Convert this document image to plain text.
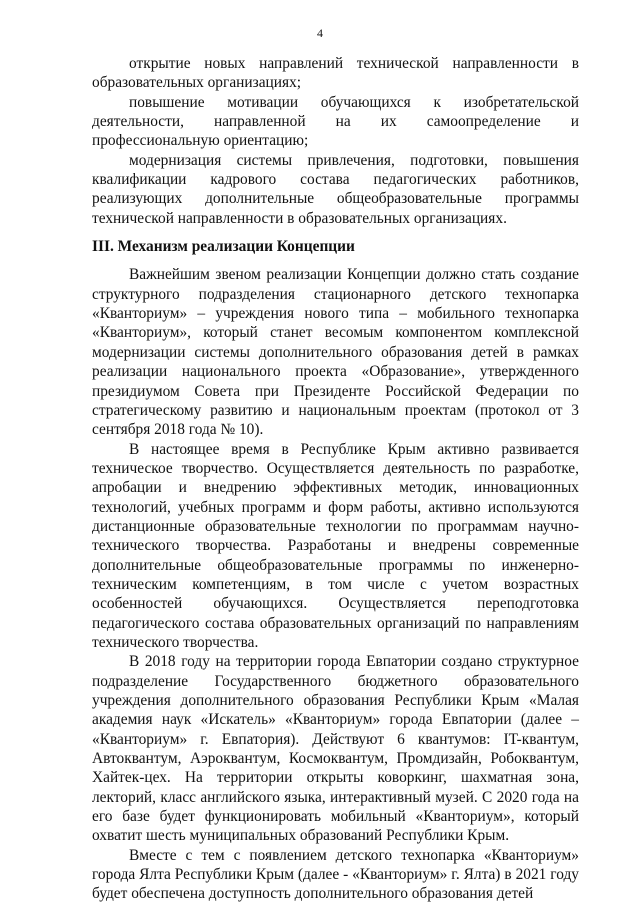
4

открытие новых направлений технической направленности в образовательных организациях;

повышение мотивации обучающихся к изобретательской деятельности, направленной на их самоопределение и профессиональную ориентацию;

модернизация системы привлечения, подготовки, повышения квалификации кадрового состава педагогических работников, реализующих дополнительные общеобразовательные программы технической направленности в образовательных организациях.

III. Механизм реализации Концепции

Важнейшим звеном реализации Концепции должно стать создание структурного подразделения стационарного детского технопарка «Кванториум» – учреждения нового типа – мобильного технопарка «Кванториум», который станет весомым компонентом комплексной модернизации системы дополнительного образования детей в рамках реализации национального проекта «Образование», утвержденного президиумом Совета при Президенте Российской Федерации по стратегическому развитию и национальным проектам (протокол от 3 сентября 2018 года № 10).

В настоящее время в Республике Крым активно развивается техническое творчество. Осуществляется деятельность по разработке, апробации и внедрению эффективных методик, инновационных технологий, учебных программ и форм работы, активно используются дистанционные образовательные технологии по программам научно-технического творчества. Разработаны и внедрены современные дополнительные общеобразовательные программы по инженерно-техническим компетенциям, в том числе с учетом возрастных особенностей обучающихся. Осуществляется переподготовка педагогического состава образовательных организаций по направлениям технического творчества.

В 2018 году на территории города Евпатории создано структурное подразделение Государственного бюджетного образовательного учреждения дополнительного образования Республики Крым «Малая академия наук «Искатель» «Кванториум» города Евпатории (далее – «Кванториум» г. Евпатория). Действуют 6 квантумов: IT-квантум, Автоквантум, Аэроквантум, Космоквантум, Промдизайн, Робоквантум, Хайтек-цех. На территории открыты коворкинг, шахматная зона, лекторий, класс английского языка, интерактивный музей. С 2020 года на его базе будет функционировать мобильный «Кванториум», который охватит шесть муниципальных образований Республики Крым.

Вместе с тем с появлением детского технопарка «Кванториум» города Ялта Республики Крым (далее - «Кванториум» г. Ялта) в 2021 году будет обеспечена доступность дополнительного образования детей
